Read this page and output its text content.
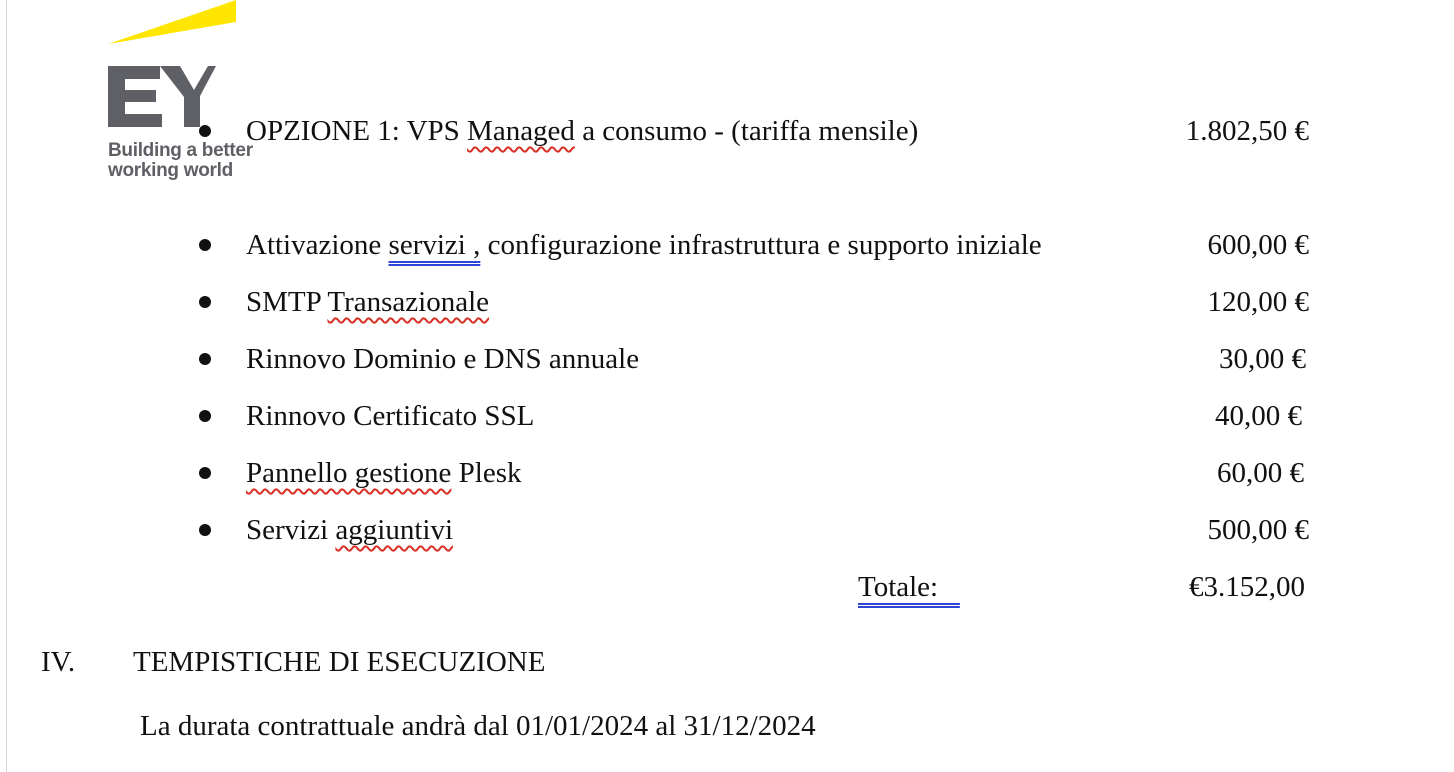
Building a better
working world
OPZIONE 1: VPS Managed a consumo - (tariffa mensile)	1.802,50 €
Attivazione servizi , configurazione infrastruttura e supporto iniziale	600,00 €
SMTP Transazionale	120,00 €
Rinnovo Dominio e DNS annuale	30,00 €
Rinnovo Certificato SSL	40,00 €
Pannello gestione Plesk	60,00 €
Servizi aggiuntivi	500,00 €
Totale:	€3.152,00
IV. TEMPISTICHE DI ESECUZIONE
La durata contrattuale andrà dal 01/01/2024 al 31/12/2024
